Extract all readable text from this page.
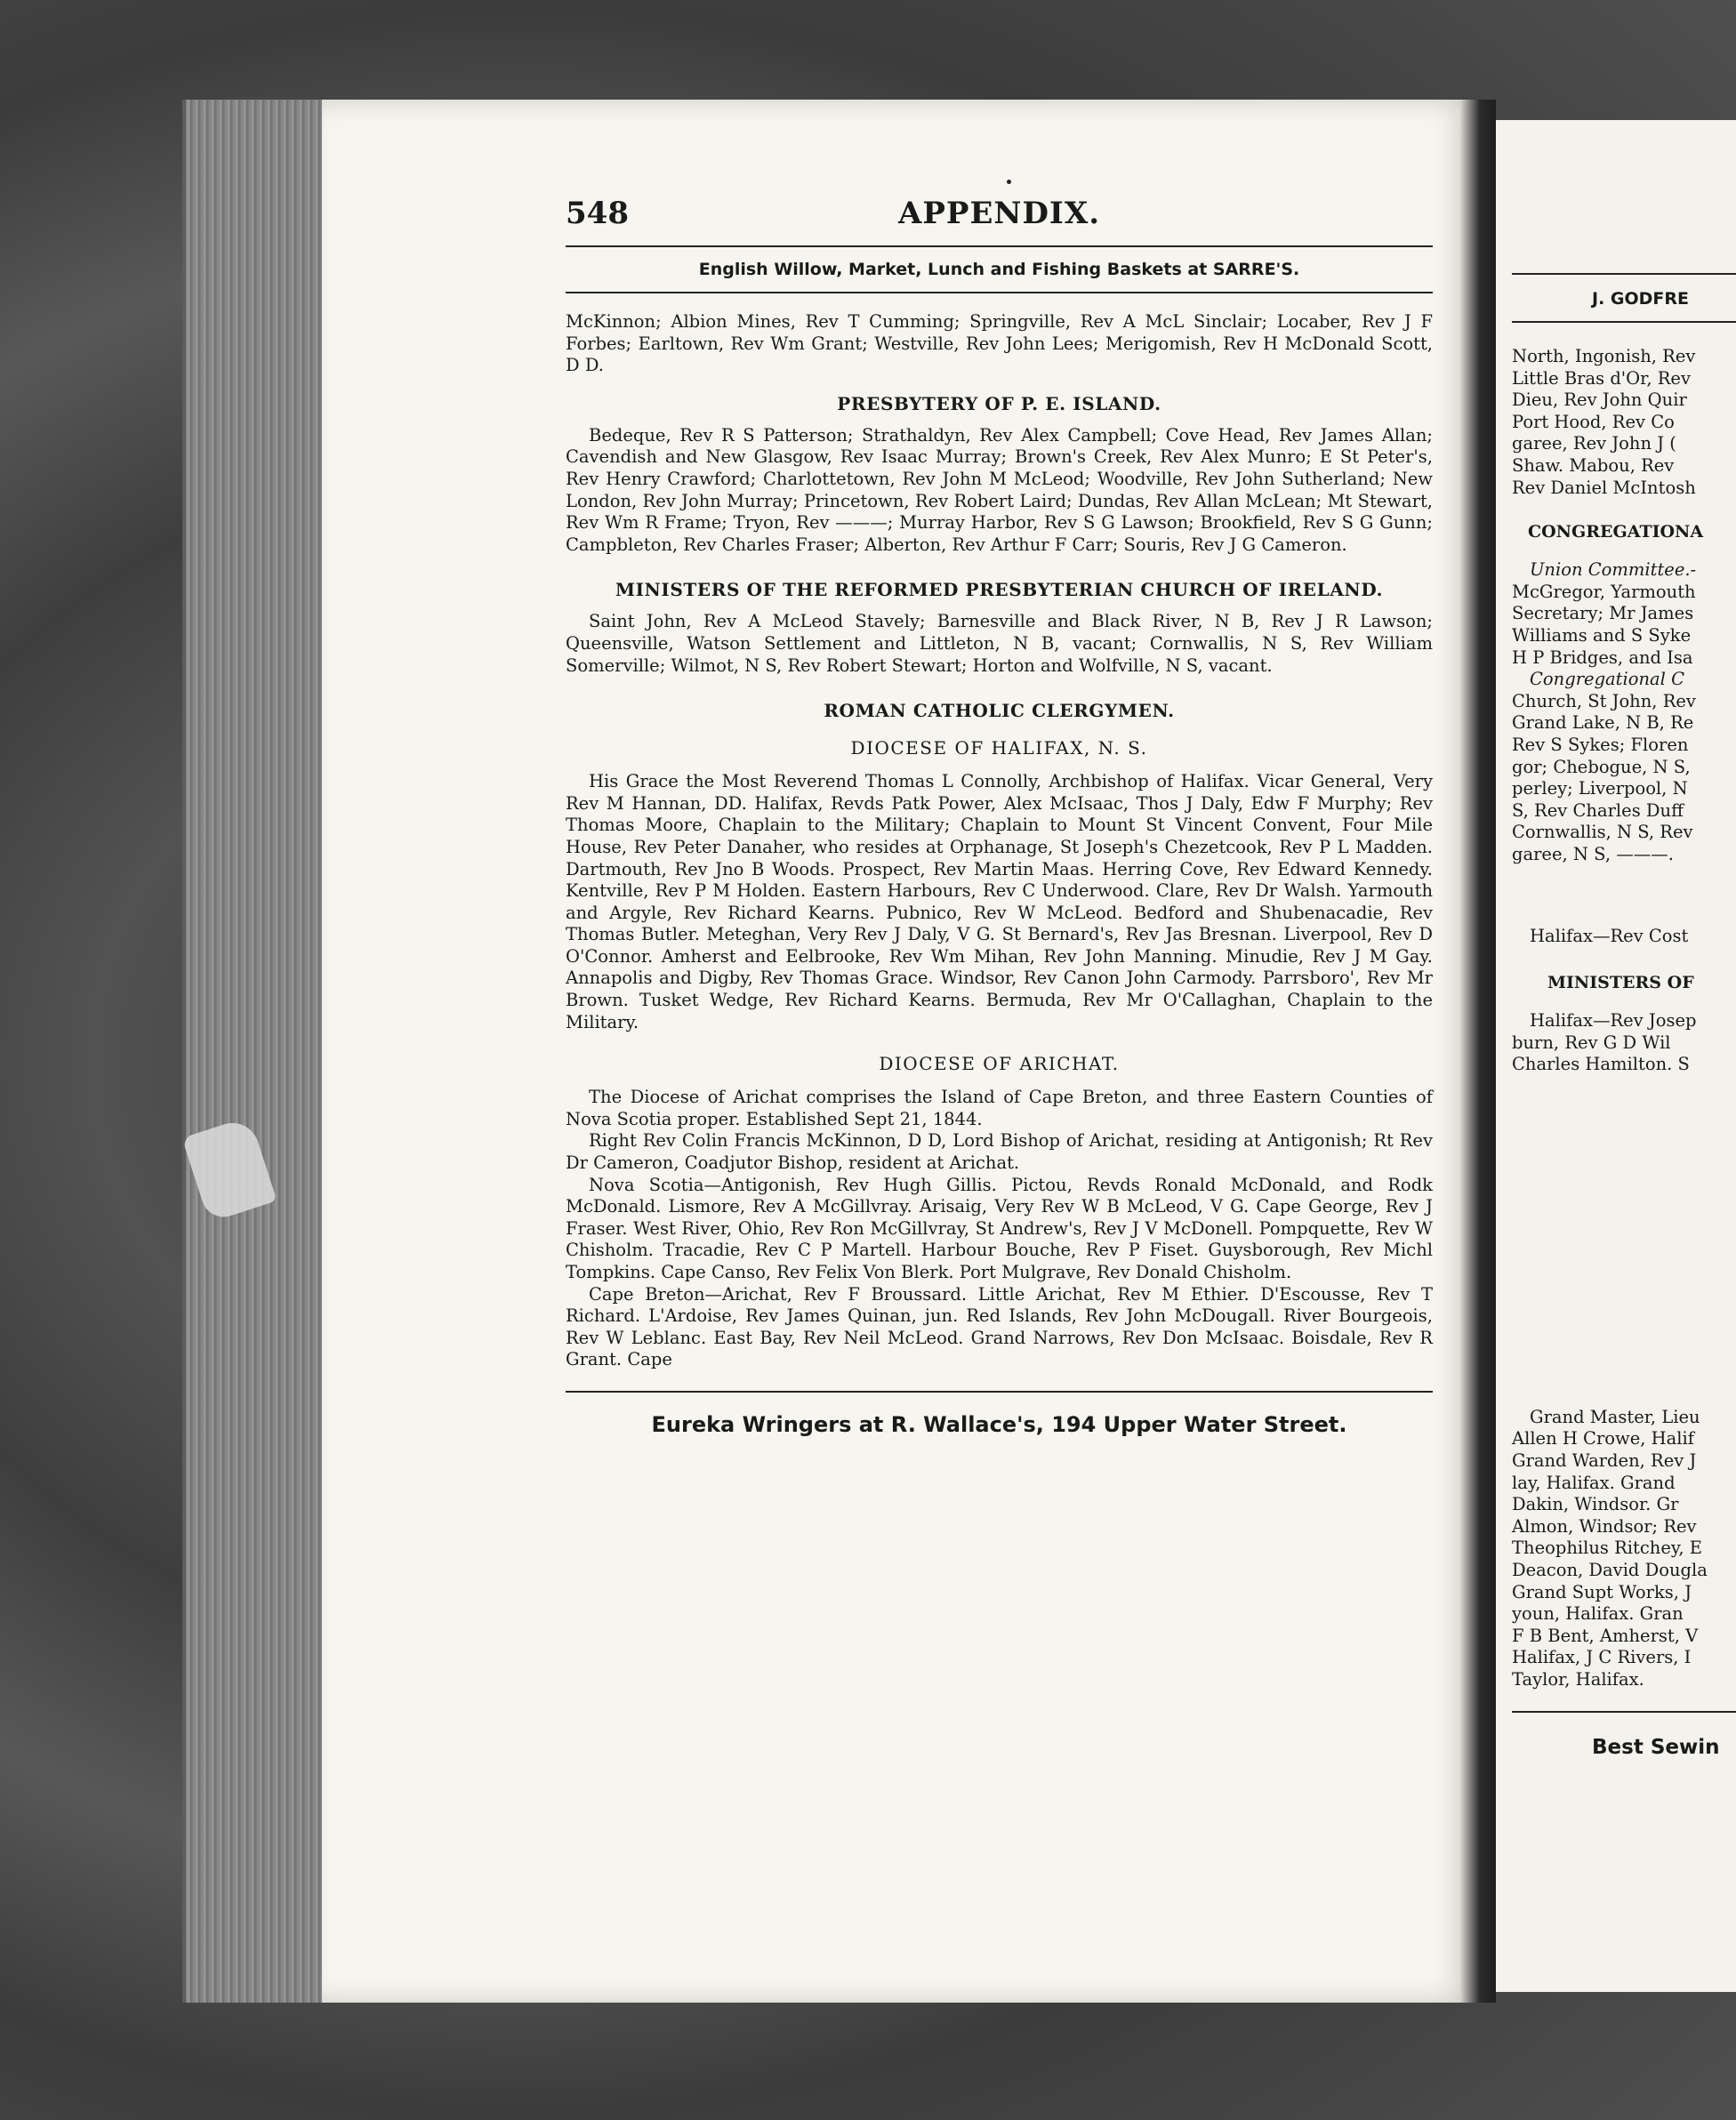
548	APPENDIX.
English Willow, Market, Lunch and Fishing Baskets at SARRE'S.

McKinnon; Albion Mines, Rev T Cumming; Springville, Rev A McL Sinclair; Locaber, Rev J F Forbes; Earltown, Rev Wm Grant; Westville, Rev John Lees; Merigomish, Rev H McDonald Scott, D D.

PRESBYTERY OF P. E. ISLAND.

Bedeque, Rev R S Patterson; Strathaldyn, Rev Alex Campbell; Cove Head, Rev James Allan; Cavendish and New Glasgow, Rev Isaac Murray; Brown's Creek, Rev Alex Munro; E St Peter's, Rev Henry Crawford; Charlottetown, Rev John M McLeod; Woodville, Rev John Sutherland; New London, Rev John Murray; Princetown, Rev Robert Laird; Dundas, Rev Allan McLean; Mt Stewart, Rev Wm R Frame; Tryon, Rev ———; Murray Harbor, Rev S G Lawson; Brookfield, Rev S G Gunn; Campbleton, Rev Charles Fraser; Alberton, Rev Arthur F Carr; Souris, Rev J G Cameron.

MINISTERS OF THE REFORMED PRESBYTERIAN CHURCH OF IRELAND.

Saint John, Rev A McLeod Stavely; Barnesville and Black River, N B, Rev J R Lawson; Queensville, Watson Settlement and Littleton, N B, vacant; Cornwallis, N S, Rev William Somerville; Wilmot, N S, Rev Robert Stewart; Horton and Wolfville, N S, vacant.

ROMAN CATHOLIC CLERGYMEN.
DIOCESE OF HALIFAX, N. S.

His Grace the Most Reverend Thomas L Connolly, Archbishop of Halifax. Vicar General, Very Rev M Hannan, DD. Halifax, Revds Patk Power, Alex McIsaac, Thos J Daly, Edw F Murphy; Rev Thomas Moore, Chaplain to the Military; Chaplain to Mount St Vincent Convent, Four Mile House, Rev Peter Danaher, who resides at Orphanage, St Joseph's Chezetcook, Rev P L Madden. Dartmouth, Rev Jno B Woods. Prospect, Rev Martin Maas. Herring Cove, Rev Edward Kennedy. Kentville, Rev P M Holden. Eastern Harbours, Rev C Underwood. Clare, Rev Dr Walsh. Yarmouth and Argyle, Rev Richard Kearns. Pubnico, Rev W McLeod. Bedford and Shubenacadie, Rev Thomas Butler. Meteghan, Very Rev J Daly, V G. St Bernard's, Rev Jas Bresnan. Liverpool, Rev D O'Connor. Amherst and Eelbrooke, Rev Wm Mihan, Rev John Manning. Minudie, Rev J M Gay. Annapolis and Digby, Rev Thomas Grace. Windsor, Rev Canon John Carmody. Parrsboro', Rev Mr Brown. Tusket Wedge, Rev Richard Kearns. Bermuda, Rev Mr O'Callaghan, Chaplain to the Military.

DIOCESE OF ARICHAT.

The Diocese of Arichat comprises the Island of Cape Breton, and three Eastern Counties of Nova Scotia proper. Established Sept 21, 1844.

Right Rev Colin Francis McKinnon, D D, Lord Bishop of Arichat, residing at Antigonish; Rt Rev Dr Cameron, Coadjutor Bishop, resident at Arichat.

Nova Scotia—Antigonish, Rev Hugh Gillis. Pictou, Revds Ronald McDonald, and Rodk McDonald. Lismore, Rev A McGillvray. Arisaig, Very Rev W B McLeod, V G. Cape George, Rev J Fraser. West River, Ohio, Rev Ron McGillvray, St Andrew's, Rev J V McDonell. Pompquette, Rev W Chisholm. Tracadie, Rev C P Martell. Harbour Bouche, Rev P Fiset. Guysborough, Rev Michl Tompkins. Cape Canso, Rev Felix Von Blerk. Port Mulgrave, Rev Donald Chisholm.

Cape Breton—Arichat, Rev F Broussard. Little Arichat, Rev M Ethier. D'Escousse, Rev T Richard. L'Ardoise, Rev James Quinan, jun. Red Islands, Rev John McDougall. River Bourgeois, Rev W Leblanc. East Bay, Rev Neil McLeod. Grand Narrows, Rev Don McIsaac. Boisdale, Rev R Grant. Cape

Eureka Wringers at R. Wallace's, 194 Upper Water Street.
J. GODFRE
North, Ingonish, Rev
Little Bras d'Or, Rev
Dieu, Rev John Quir
Port Hood, Rev Co
garee, Rev John J (
Shaw. Mabou, Rev
Rev Daniel McIntosh
CONGREGATIONA
Union Committee.-
McGregor, Yarmouth
Secretary; Mr James
Williams and S Syke
H P Bridges, and Isa
Congregational C
Church, St John, Rev
Grand Lake, N B, Re
Rev S Sykes; Floren
gor; Chebogue, N S,
perley; Liverpool, N
S, Rev Charles Duff
Cornwallis, N S, Rev
garee, N S, ———.
Halifax—Rev Cost
MINISTERS OF
Halifax—Rev Josep
burn, Rev G D Wil
Charles Hamilton. S
Grand Master, Lieu
Allen H Crowe, Halif
Grand Warden, Rev J
lay, Halifax. Grand
Dakin, Windsor. Gr
Almon, Windsor; Rev
Theophilus Ritchey, E
Deacon, David Dougla
Grand Supt Works, J
youn, Halifax. Gran
F B Bent, Amherst, V
Halifax, J C Rivers, I
Taylor, Halifax.
Best Sewin
